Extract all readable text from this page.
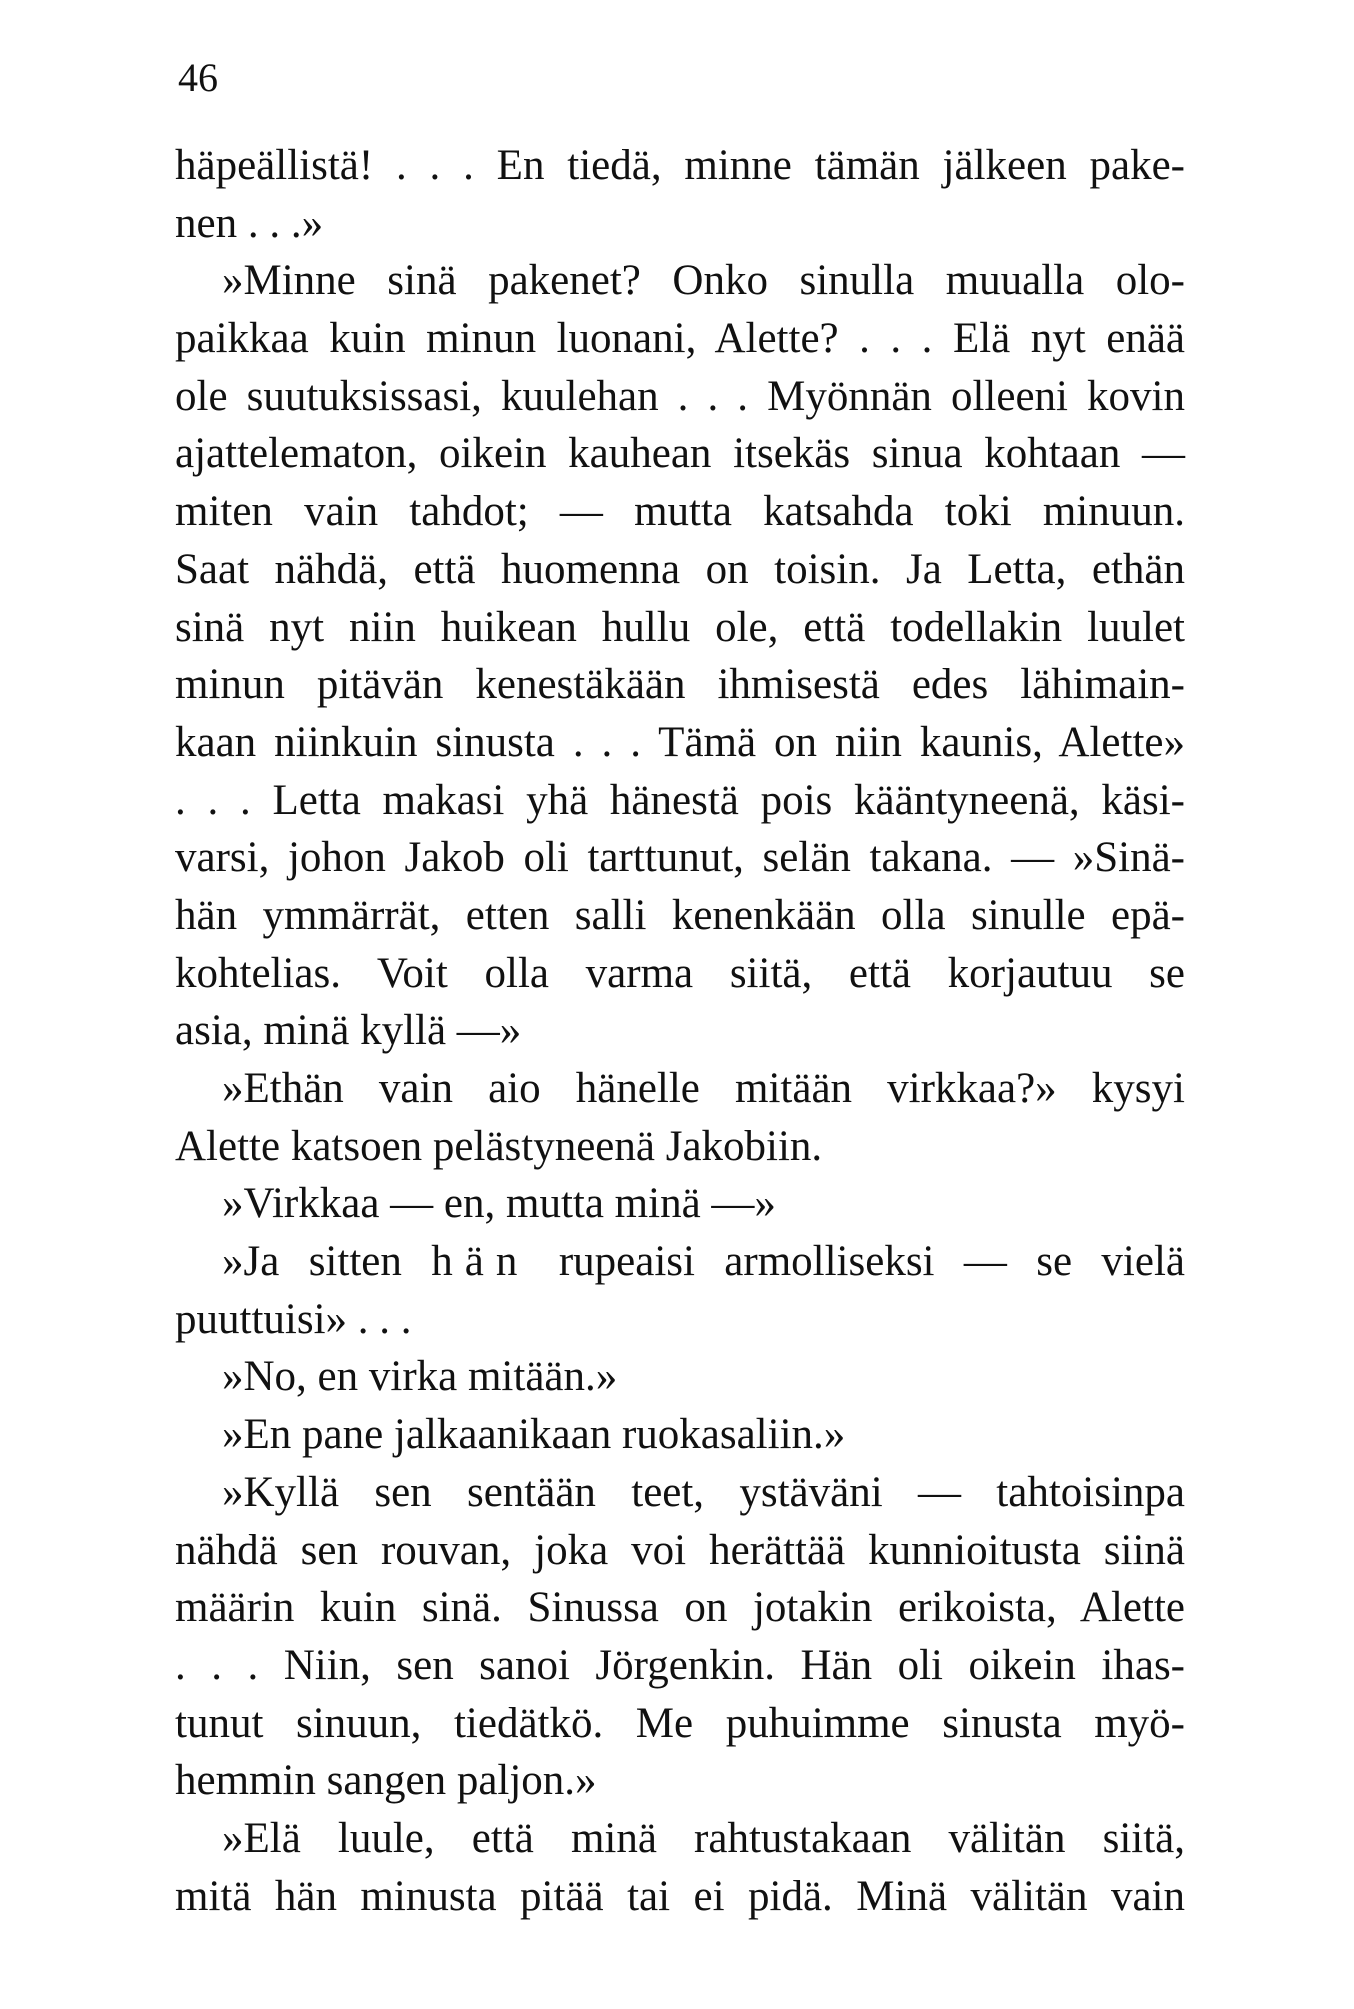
46
häpeällistä! . . . En tiedä, minne tämän jälkeen pake-
nen . . .»
»Minne sinä pakenet? Onko sinulla muualla olo-
paikkaa kuin minun luonani, Alette? . . . Elä nyt enää
ole suutuksissasi, kuulehan . . . Myönnän olleeni kovin
ajattelematon, oikein kauhean itsekäs sinua kohtaan —
miten vain tahdot; — mutta katsahda toki minuun.
Saat nähdä, että huomenna on toisin. Ja Letta, ethän
sinä nyt niin huikean hullu ole, että todellakin luulet
minun pitävän kenestäkään ihmisestä edes lähimain-
kaan niinkuin sinusta . . . Tämä on niin kaunis, Alette»
. . . Letta makasi yhä hänestä pois kääntyneenä, käsi-
varsi, johon Jakob oli tarttunut, selän takana. — »Sinä-
hän ymmärrät, etten salli kenenkään olla sinulle epä-
kohtelias. Voit olla varma siitä, että korjautuu se
asia, minä kyllä —»
»Ethän vain aio hänelle mitään virkkaa?» kysyi
Alette katsoen pelästyneenä Jakobiin.
»Virkkaa — en, mutta minä —»
»Ja sitten hän rupeaisi armolliseksi — se vielä
puuttuisi» . . .
»No, en virka mitään.»
»En pane jalkaanikaan ruokasaliin.»
»Kyllä sen sentään teet, ystäväni — tahtoisinpa
nähdä sen rouvan, joka voi herättää kunnioitusta siinä
määrin kuin sinä. Sinussa on jotakin erikoista, Alette
. . . Niin, sen sanoi Jörgenkin. Hän oli oikein ihas-
tunut sinuun, tiedätkö. Me puhuimme sinusta myö-
hemmin sangen paljon.»
»Elä luule, että minä rahtustakaan välitän siitä,
mitä hän minusta pitää tai ei pidä. Minä välitän vain
